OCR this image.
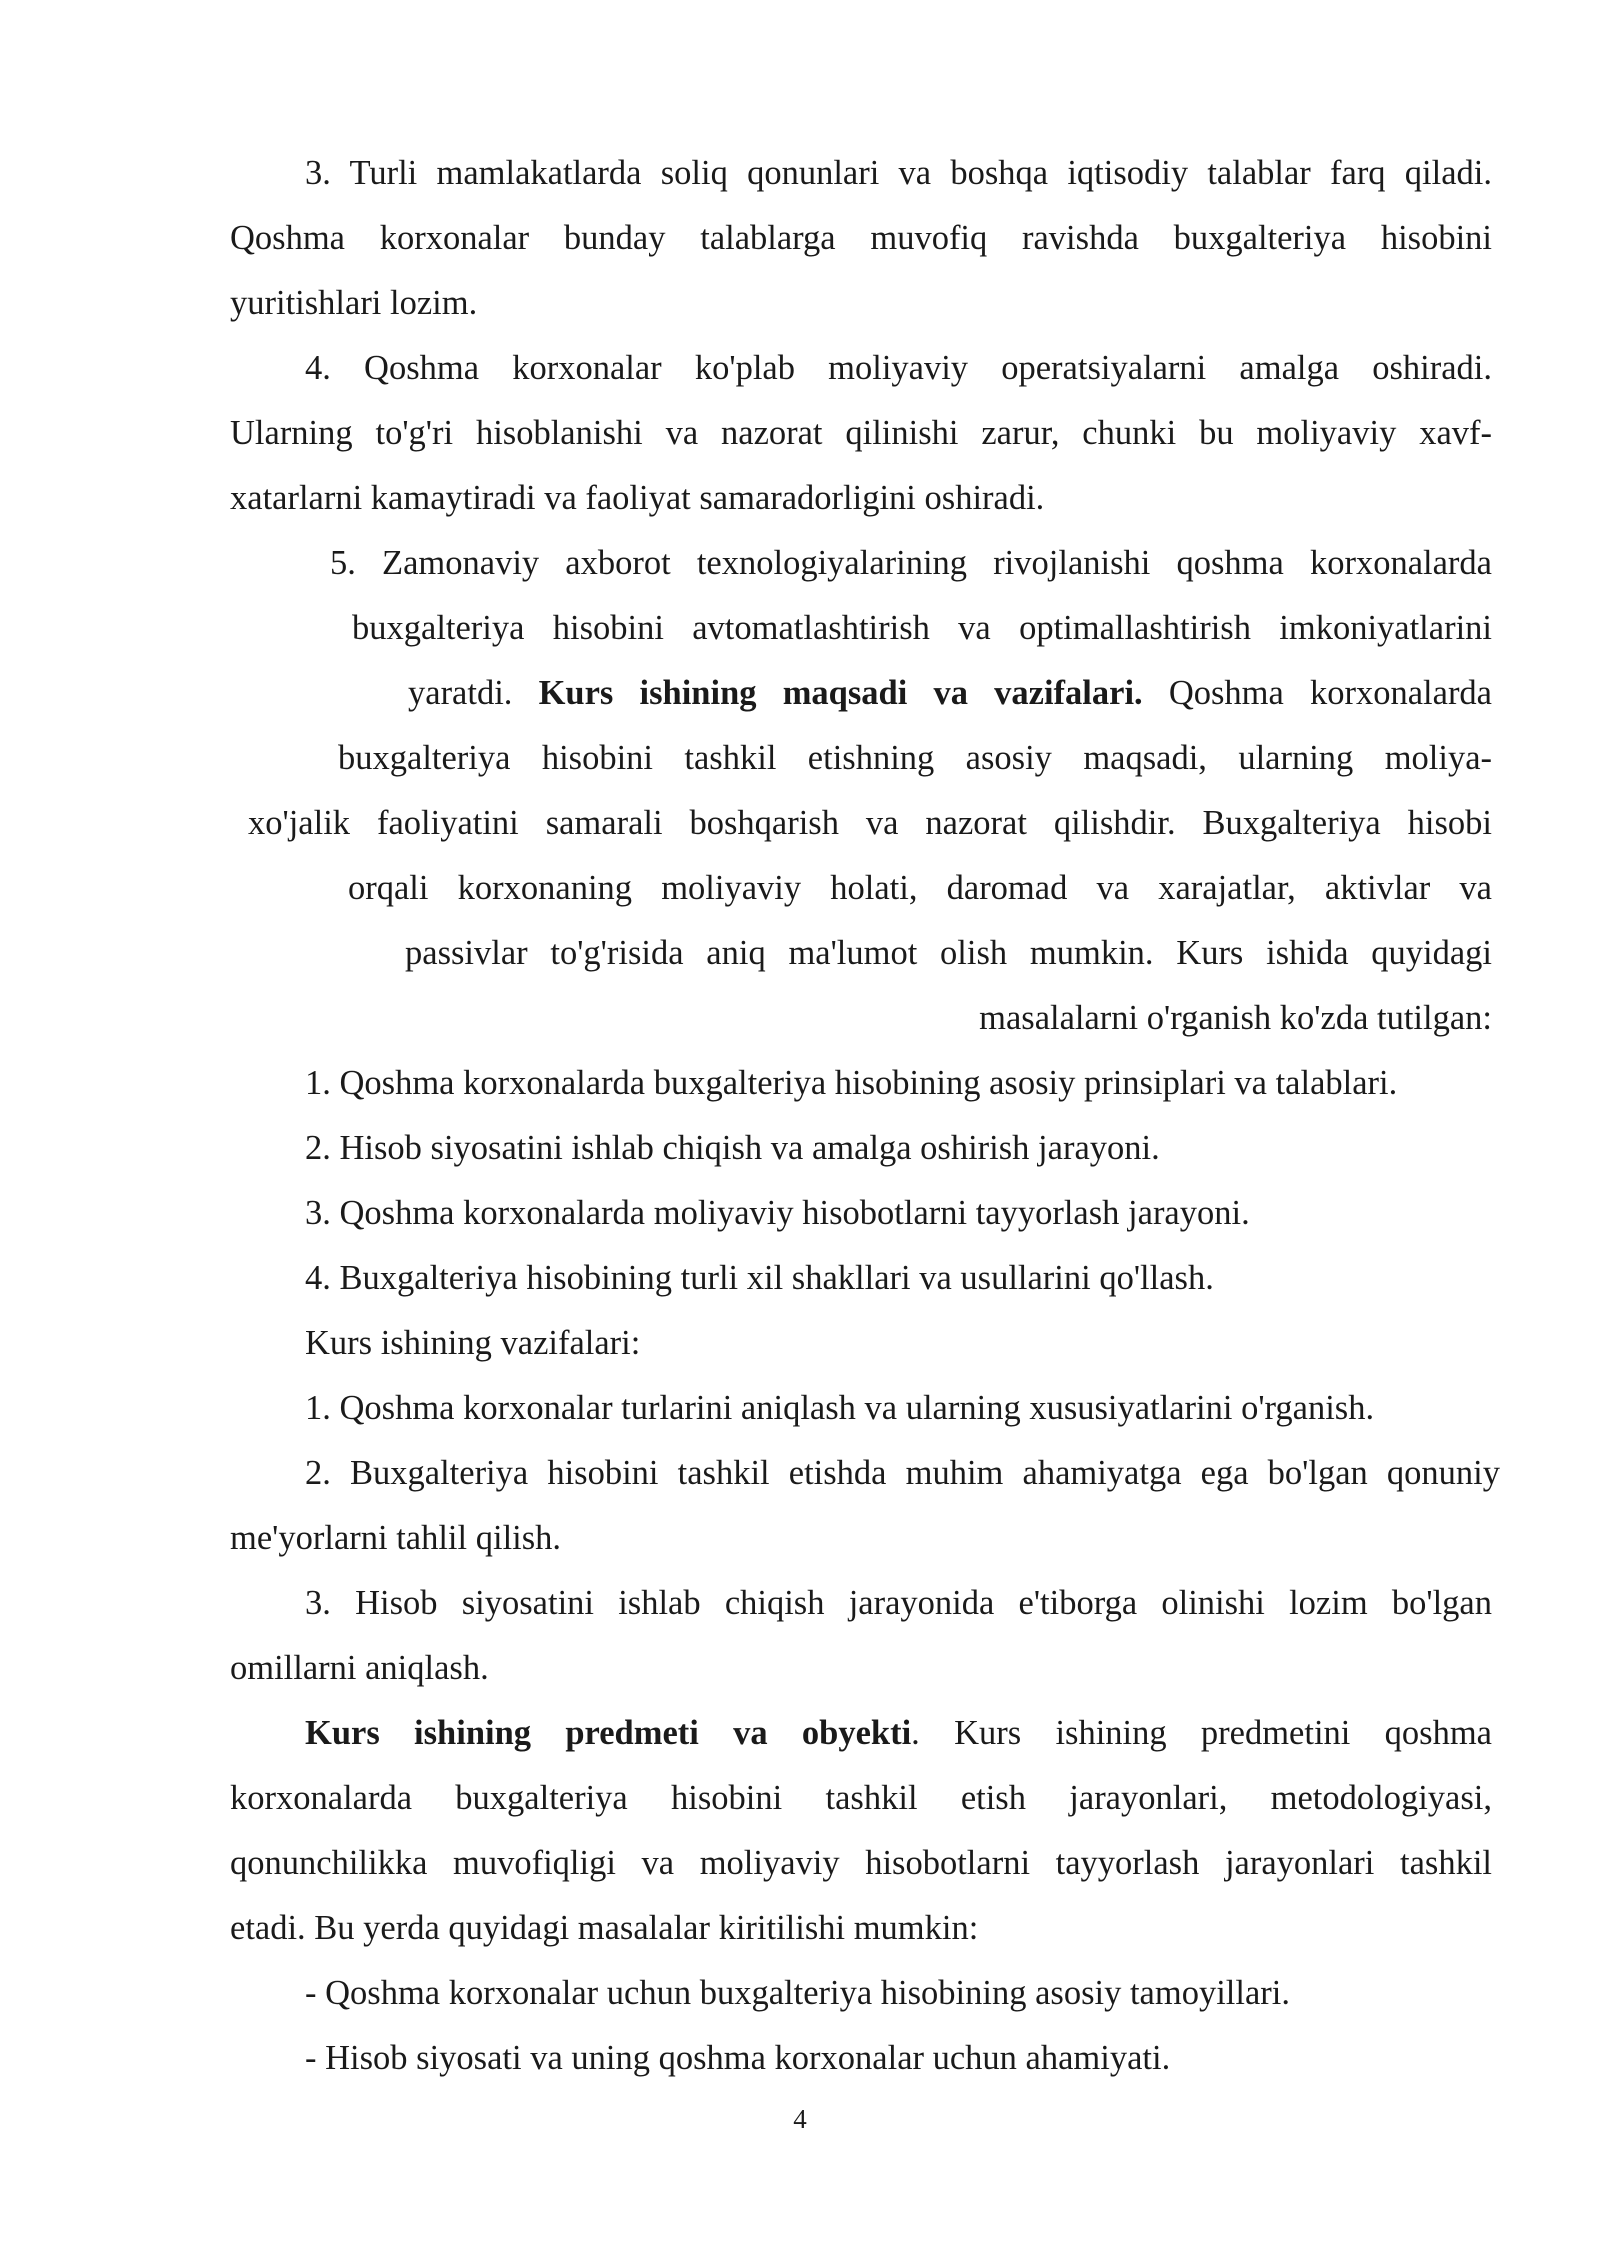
3. Turli mamlakatlarda soliq qonunlari va boshqa iqtisodiy talablar farq qiladi.
Qoshma korxonalar bunday talablarga muvofiq ravishda buxgalteriya hisobini
yuritishlari lozim.
4. Qoshma korxonalar ko'plab moliyaviy operatsiyalarni amalga oshiradi.
Ularning to'g'ri hisoblanishi va nazorat qilinishi zarur, chunki bu moliyaviy xavf-
xatarlarni kamaytiradi va faoliyat samaradorligini oshiradi.
5. Zamonaviy axborot texnologiyalarining rivojlanishi qoshma korxonalarda
buxgalteriya hisobini avtomatlashtirish va optimallashtirish imkoniyatlarini
yaratdi. Kurs ishining maqsadi va vazifalari. Qoshma korxonalarda
buxgalteriya hisobini tashkil etishning asosiy maqsadi, ularning moliya-
xo'jalik faoliyatini samarali boshqarish va nazorat qilishdir. Buxgalteriya hisobi
orqali korxonaning moliyaviy holati, daromad va xarajatlar, aktivlar va
passivlar to'g'risida aniq ma'lumot olish mumkin. Kurs ishida quyidagi
masalalarni o'rganish ko'zda tutilgan:
1. Qoshma korxonalarda buxgalteriya hisobining asosiy prinsiplari va talablari.
2. Hisob siyosatini ishlab chiqish va amalga oshirish jarayoni.
3. Qoshma korxonalarda moliyaviy hisobotlarni tayyorlash jarayoni.
4. Buxgalteriya hisobining turli xil shakllari va usullarini qo'llash.
Kurs ishining vazifalari:
1. Qoshma korxonalar turlarini aniqlash va ularning xususiyatlarini o'rganish.
2. Buxgalteriya hisobini tashkil etishda muhim ahamiyatga ega bo'lgan qonuniy
me'yorlarni tahlil qilish.
3. Hisob siyosatini ishlab chiqish jarayonida e'tiborga olinishi lozim bo'lgan
omillarni aniqlash.
Kurs ishining predmeti va obyekti. Kurs ishining predmetini qoshma
korxonalarda buxgalteriya hisobini tashkil etish jarayonlari, metodologiyasi,
qonunchilikka muvofiqligi va moliyaviy hisobotlarni tayyorlash jarayonlari tashkil
etadi. Bu yerda quyidagi masalalar kiritilishi mumkin:
- Qoshma korxonalar uchun buxgalteriya hisobining asosiy tamoyillari.
- Hisob siyosati va uning qoshma korxonalar uchun ahamiyati.
4
